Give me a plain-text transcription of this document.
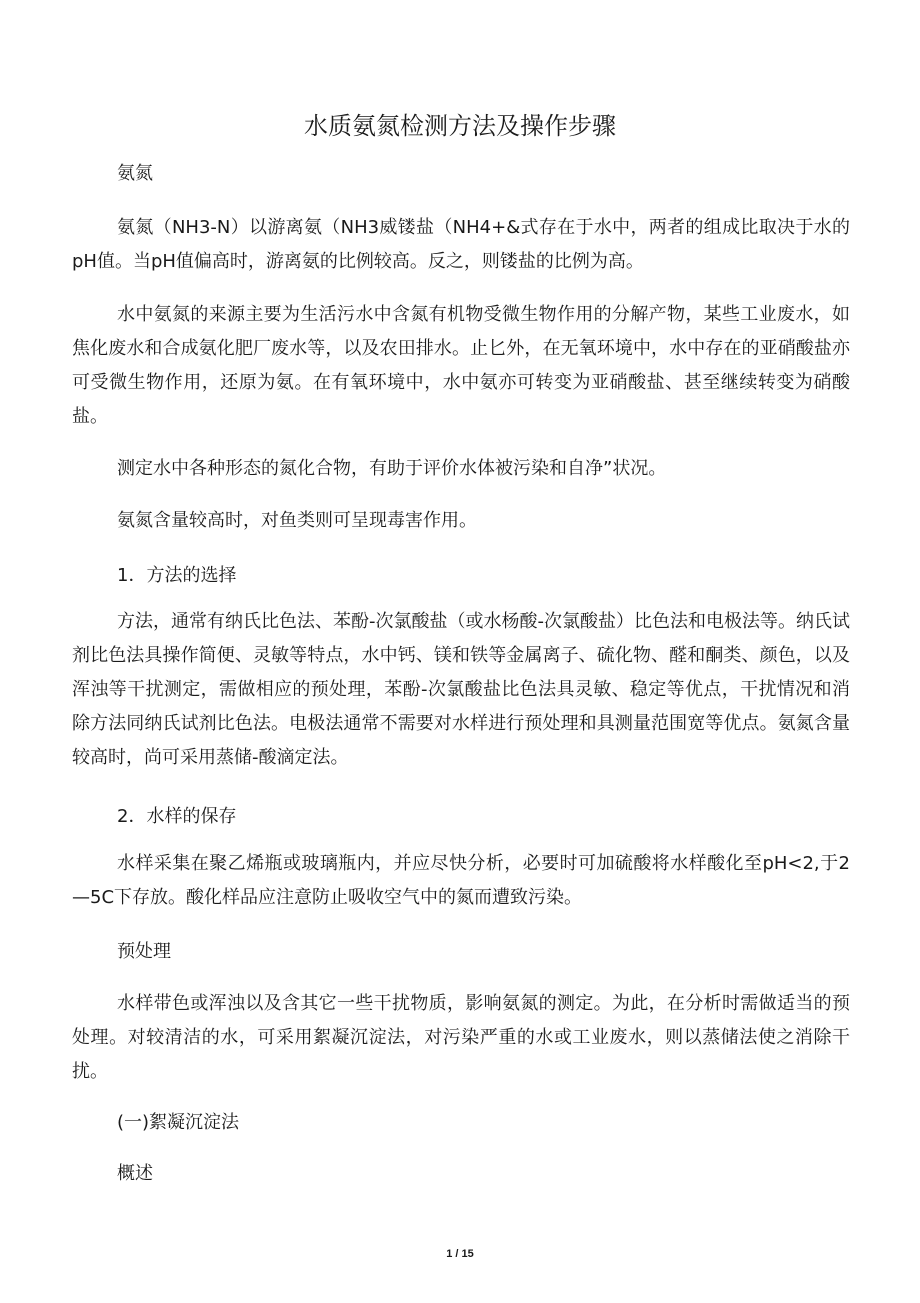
水质氨氮检测方法及操作步骤
氨氮
氨氮（NH3-N）以游离氨（NH3威镂盐（NH4+&式存在于水中，两者的组成比取决于水的pH值。当pH值偏高时，游离氨的比例较高。反之，则镂盐的比例为高。
水中氨氮的来源主要为生活污水中含氮有机物受微生物作用的分解产物，某些工业废水，如焦化废水和合成氨化肥厂废水等，以及农田排水。止匕外，在无氧环境中，水中存在的亚硝酸盐亦可受微生物作用，还原为氨。在有氧环境中，水中氨亦可转变为亚硝酸盐、甚至继续转变为硝酸盐。
测定水中各种形态的氮化合物，有助于评价水体被污染和自净”状况。
氨氮含量较高时，对鱼类则可呈现毒害作用。
1．方法的选择
方法，通常有纳氏比色法、苯酚-次氯酸盐（或水杨酸-次氯酸盐）比色法和电极法等。纳氏试剂比色法具操作简便、灵敏等特点，水中钙、镁和铁等金属离子、硫化物、醛和酮类、颜色，以及浑浊等干扰测定，需做相应的预处理，苯酚-次氯酸盐比色法具灵敏、稳定等优点，干扰情况和消除方法同纳氏试剂比色法。电极法通常不需要对水样进行预处理和具测量范围宽等优点。氨氮含量较高时，尚可采用蒸储-酸滴定法。
2．水样的保存
水样采集在聚乙烯瓶或玻璃瓶内，并应尽快分析，必要时可加硫酸将水样酸化至pH<2,于2—5C下存放。酸化样品应注意防止吸收空气中的氮而遭致污染。
预处理
水样带色或浑浊以及含其它一些干扰物质，影响氨氮的测定。为此，在分析时需做适当的预处理。对较清洁的水，可采用絮凝沉淀法，对污染严重的水或工业废水，则以蒸储法使之消除干扰。
(一)絮凝沉淀法
概述
1 / 15
